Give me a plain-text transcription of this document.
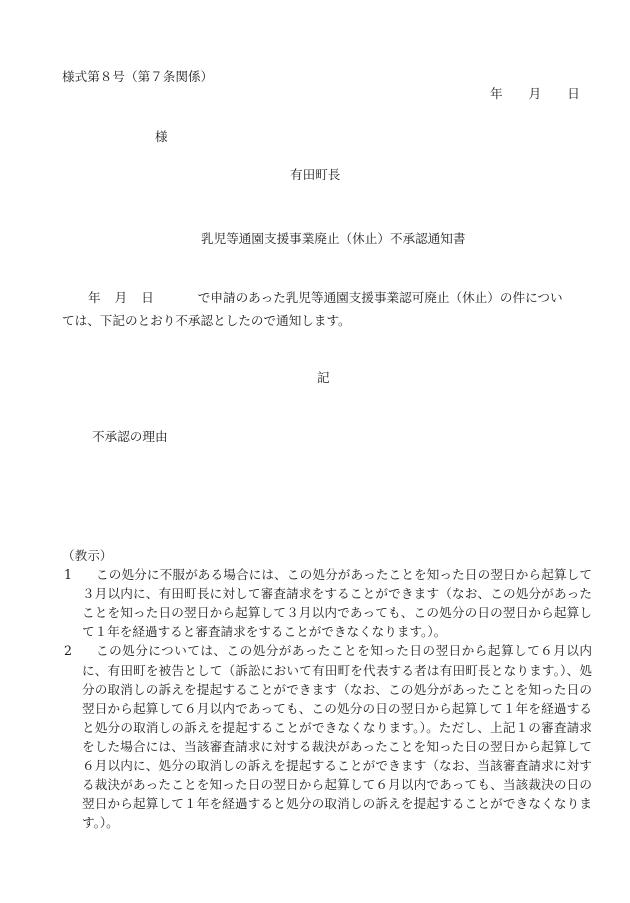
様式第８号（第７条関係）
年 月 日
様
有田町長
乳児等通園支援事業廃止（休止）不承認通知書
年 月 日	で申請のあった乳児等通園支援事業認可廃止（休止）の件につい
ては、下記のとおり不承認としたので通知します。
記
不承認の理由
（教示）
1	この処分に不服がある場合には、この処分があったことを知った日の翌日から起算して３月以内に、有田町長に対して審査請求をすることができます（なお、この処分があったことを知った日の翌日から起算して３月以内であっても、この処分の日の翌日から起算して１年を経過すると審査請求をすることができなくなります。）。

2	この処分については、この処分があったことを知った日の翌日から起算して６月以内に、有田町を被告として（訴訟において有田町を代表する者は有田町長となります。）、処分の取消しの訴えを提起することができます（なお、この処分があったことを知った日の翌日から起算して６月以内であっても、この処分の日の翌日から起算して１年を経過すると処分の取消しの訴えを提起することができなくなります。）。ただし、上記１の審査請求をした場合には、当該審査請求に対する裁決があったことを知った日の翌日から起算して６月以内に、処分の取消しの訴えを提起することができます（なお、当該審査請求に対する裁決があったことを知った日の翌日から起算して６月以内であっても、当該裁決の日の翌日から起算して１年を経過すると処分の取消しの訴えを提起することができなくなります。）。
